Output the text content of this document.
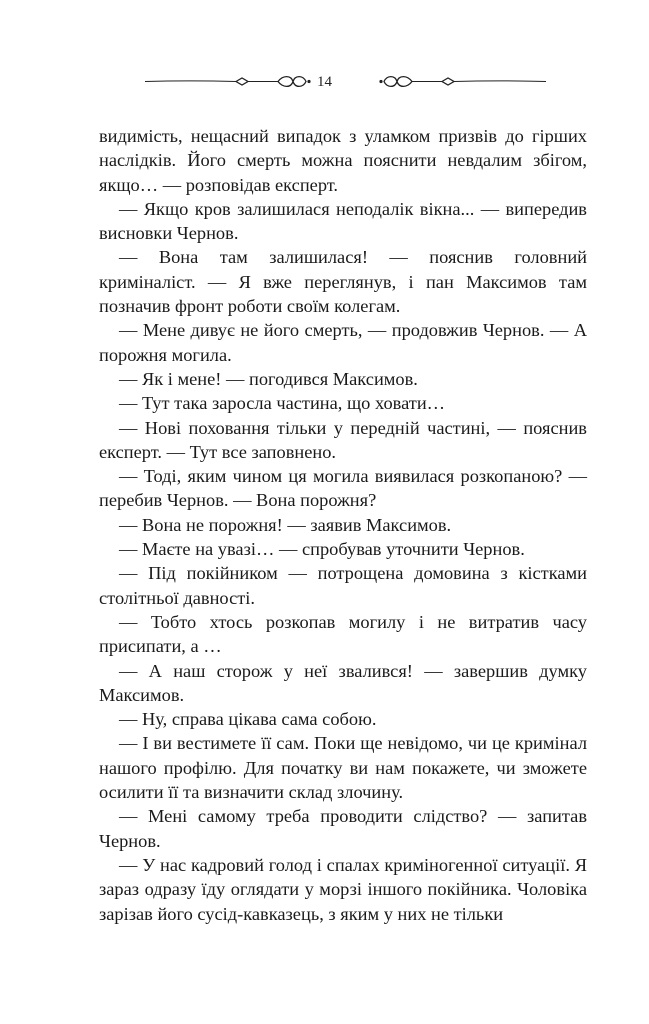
14

видимість, нещасний випадок з уламком призвів до гірших наслідків. Його смерть можна пояснити невдалим збігом, якщо… — розповідав експерт.

— Якщо кров залишилася неподалік вікна... — випередив висновки Чернов.

— Вона там залишилася! — пояснив головний криміналіст. — Я вже переглянув, і пан Максимов там позначив фронт роботи своїм колегам.

— Мене дивує не його смерть, — продовжив Чернов. — А порожня могила.

— Як і мене! — погодився Максимов.

— Тут така заросла частина, що ховати…

— Нові поховання тільки у передній частині, — пояснив експерт. — Тут все заповнено.

— Тоді, яким чином ця могила виявилася розкопаною? — перебив Чернов. — Вона порожня?

— Вона не порожня! — заявив Максимов.

— Маєте на увазі… — спробував уточнити Чернов.

— Під покійником — потрощена домовина з кістками столітньої давності.

— Тобто хтось розкопав могилу і не витратив часу присипати, а …

— А наш сторож у неї звалився! — завершив думку Максимов.

— Ну, справа цікава сама собою.

— І ви вестимете її сам. Поки ще невідомо, чи це кримінал нашого профілю. Для початку ви нам покажете, чи зможете осилити її та визначити склад злочину.

— Мені самому треба проводити слідство? — запитав Чернов.

— У нас кадровий голод і спалах криміногенної ситуації. Я зараз одразу їду оглядати у морзі іншого покійника. Чоловіка зарізав його сусід-кавказець, з яким у них не тільки
